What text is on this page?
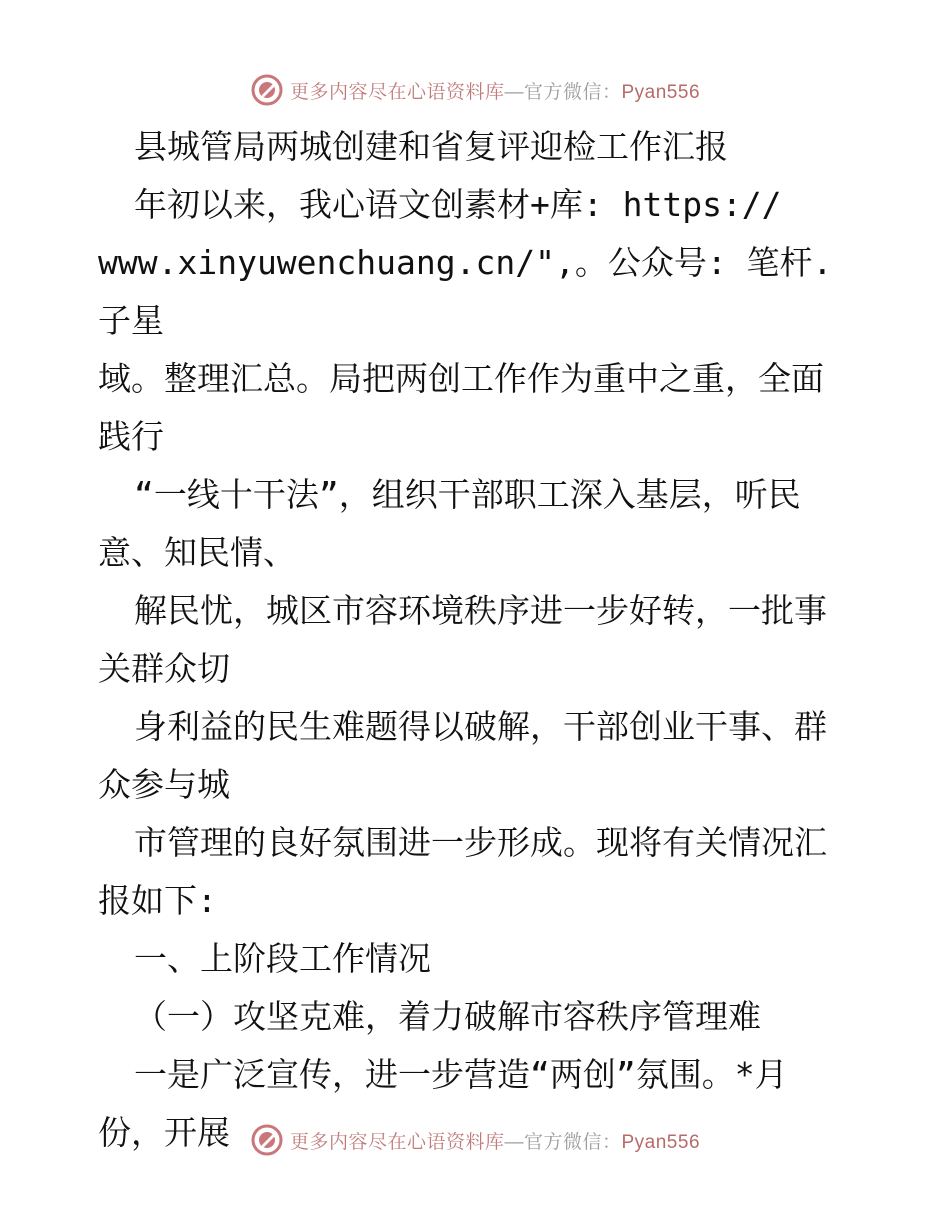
更多内容尽在心语资料库—官方微信：Pyan556
县城管局两城创建和省复评迎检工作汇报
年初以来，我心语文创素材+库: https://
www.xinyuwenchuang.cn/",。公众号: 笔杆.子星
域。整理汇总。局把两创工作作为重中之重，全面
践行
“一线十干法”，组织干部职工深入基层，听民
意、知民情、
解民忧，城区市容环境秩序进一步好转，一批事
关群众切
身利益的民生难题得以破解，干部创业干事、群
众参与城
市管理的良好氛围进一步形成。现将有关情况汇
报如下:
一、上阶段工作情况
（一）攻坚克难，着力破解市容秩序管理难
一是广泛宣传，进一步营造“两创”氛围。*月
份，开展	更多内容尽在心语资料库—官方微信：Pyan556
